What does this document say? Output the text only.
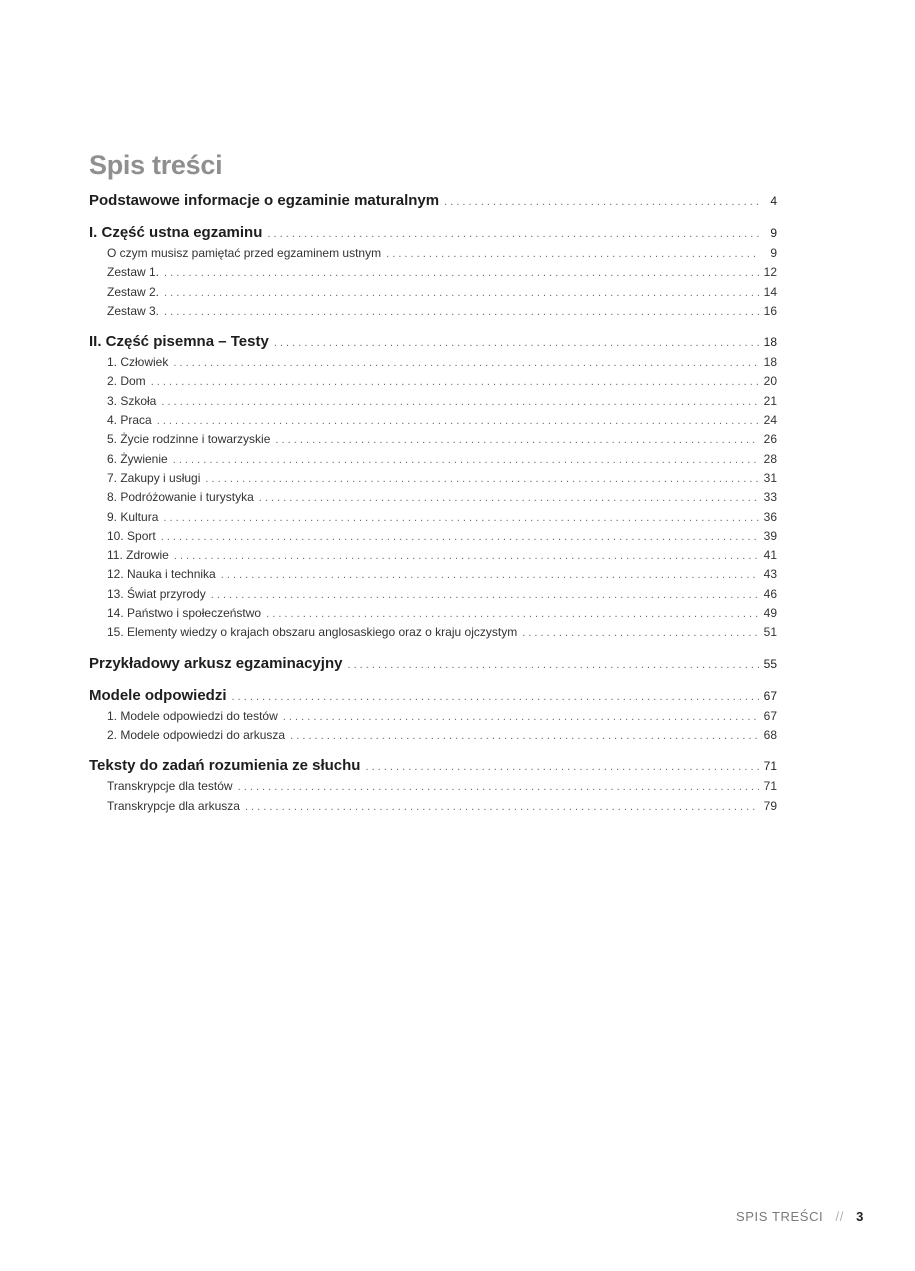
Spis treści
Podstawowe informacje o egzaminie maturalnym . . .	4
I. Część ustna egzaminu . . .	9
O czym musisz pamiętać przed egzaminem ustnym . . .	9
Zestaw 1. . . .	12
Zestaw 2. . . .	14
Zestaw 3. . . .	16
II. Część pisemna – Testy . . .	18
1. Człowiek . . .	18
2. Dom . . .	20
3. Szkoła . . .	21
4. Praca . . .	24
5. Życie rodzinne i towarzyskie . . .	26
6. Żywienie . . .	28
7. Zakupy i usługi . . .	31
8. Podróżowanie i turystyka . . .	33
9. Kultura . . .	36
10. Sport . . .	39
11. Zdrowie . . .	41
12. Nauka i technika . . .	43
13. Świat przyrody . . .	46
14. Państwo i społeczeństwo . . .	49
15. Elementy wiedzy o krajach obszaru anglosaskiego oraz o kraju ojczystym . . .	51
Przykładowy arkusz egzaminacyjny . . .	55
Modele odpowiedzi . . .	67
1. Modele odpowiedzi do testów . . .	67
2. Modele odpowiedzi do arkusza . . .	68
Teksty do zadań rozumienia ze słuchu . . .	71
Transkrypcje dla testów . . .	71
Transkrypcje dla arkusza . . .	79
SPIS TREŚCI // 3
